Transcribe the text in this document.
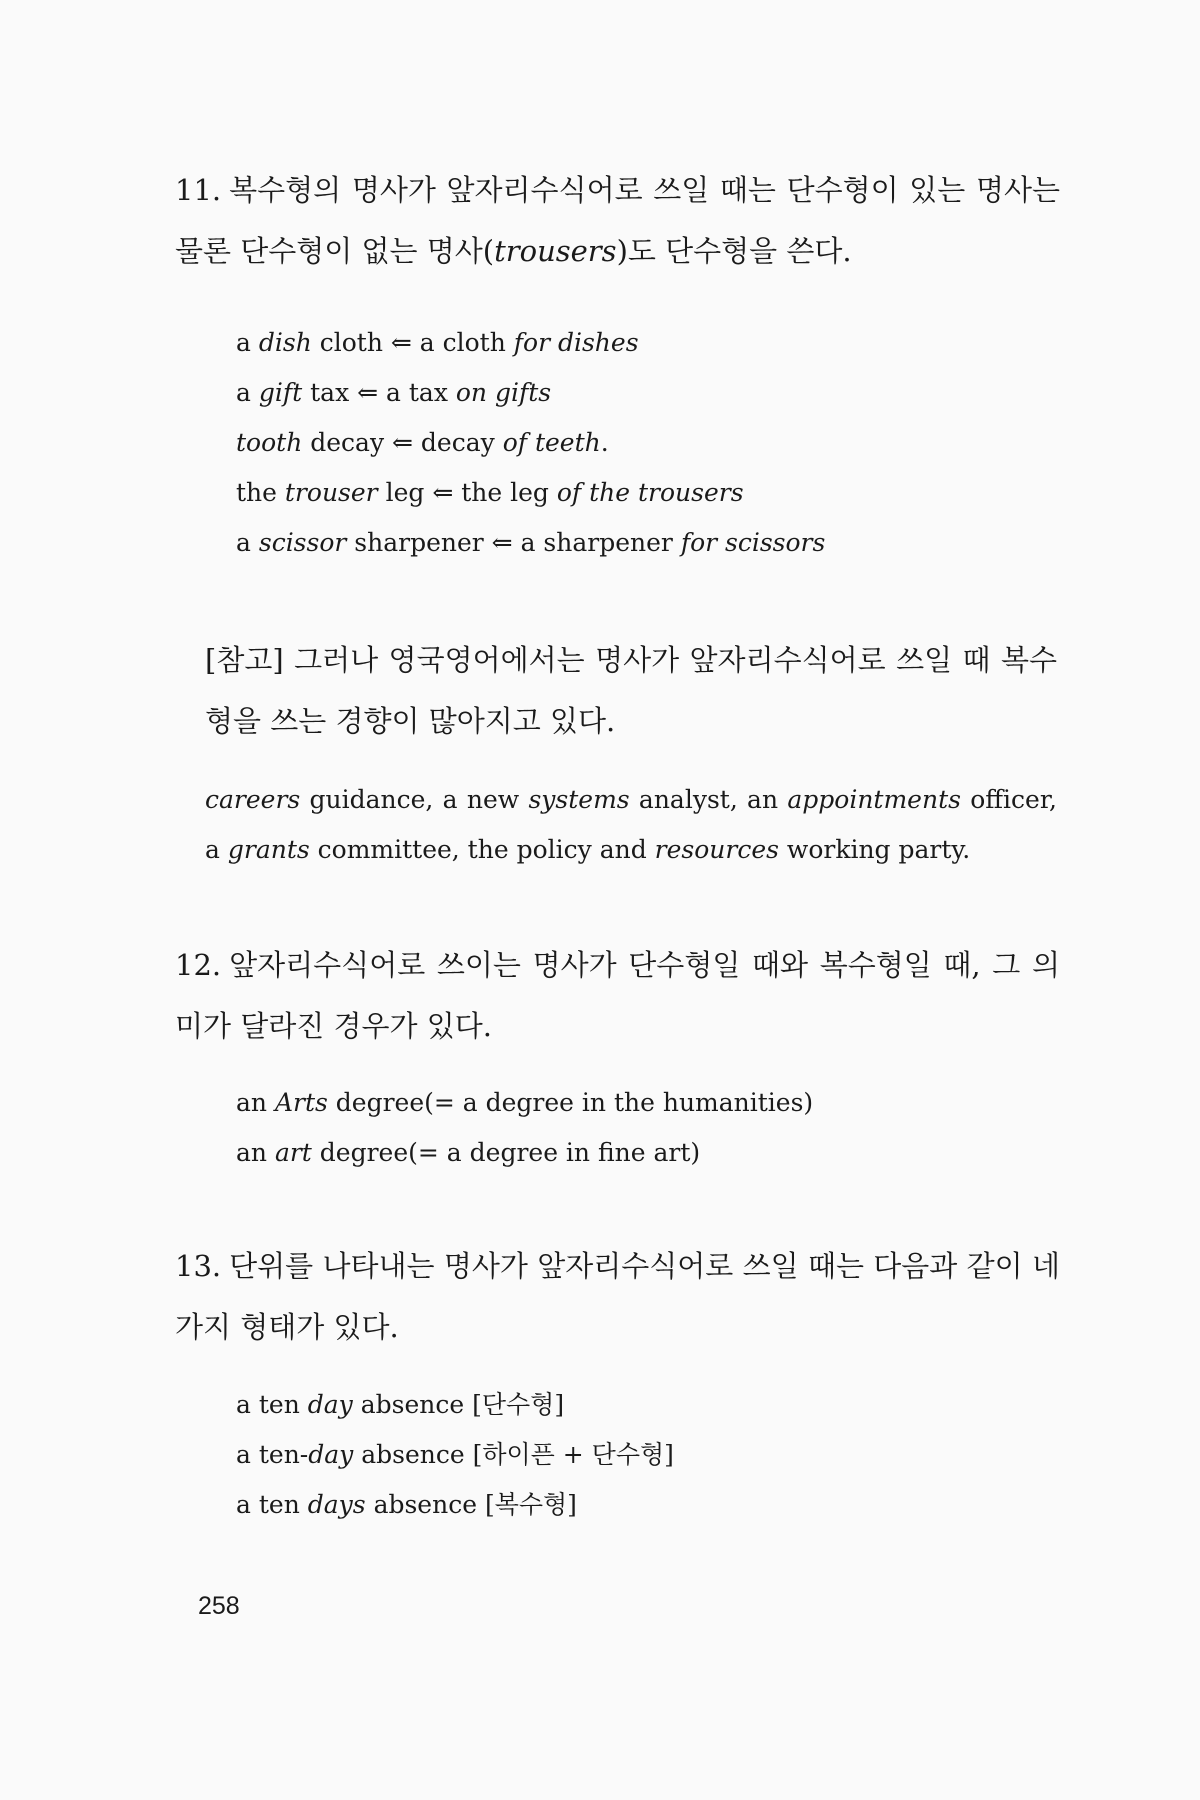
11. 복수형의 명사가 앞자리수식어로 쓰일 때는 단수형이 있는 명사는 물론 단수형이 없는 명사(trousers)도 단수형을 쓴다.
a dish cloth ⇐ a cloth for dishes
a gift tax ⇐ a tax on gifts
tooth decay ⇐ decay of teeth.
the trouser leg ⇐ the leg of the trousers
a scissor sharpener ⇐ a sharpener for scissors
[참고] 그러나 영국영어에서는 명사가 앞자리수식어로 쓰일 때 복수형을 쓰는 경향이 많아지고 있다.
careers guidance, a new systems analyst, an appointments officer, a grants committee, the policy and resources working party.
12. 앞자리수식어로 쓰이는 명사가 단수형일 때와 복수형일 때, 그 의미가 달라진 경우가 있다.
an Arts degree(= a degree in the humanities)
an art degree(= a degree in fine art)
13. 단위를 나타내는 명사가 앞자리수식어로 쓰일 때는 다음과 같이 네 가지 형태가 있다.
a ten day absence [단수형]
a ten-day absence [하이픈 + 단수형]
a ten days absence [복수형]
258
